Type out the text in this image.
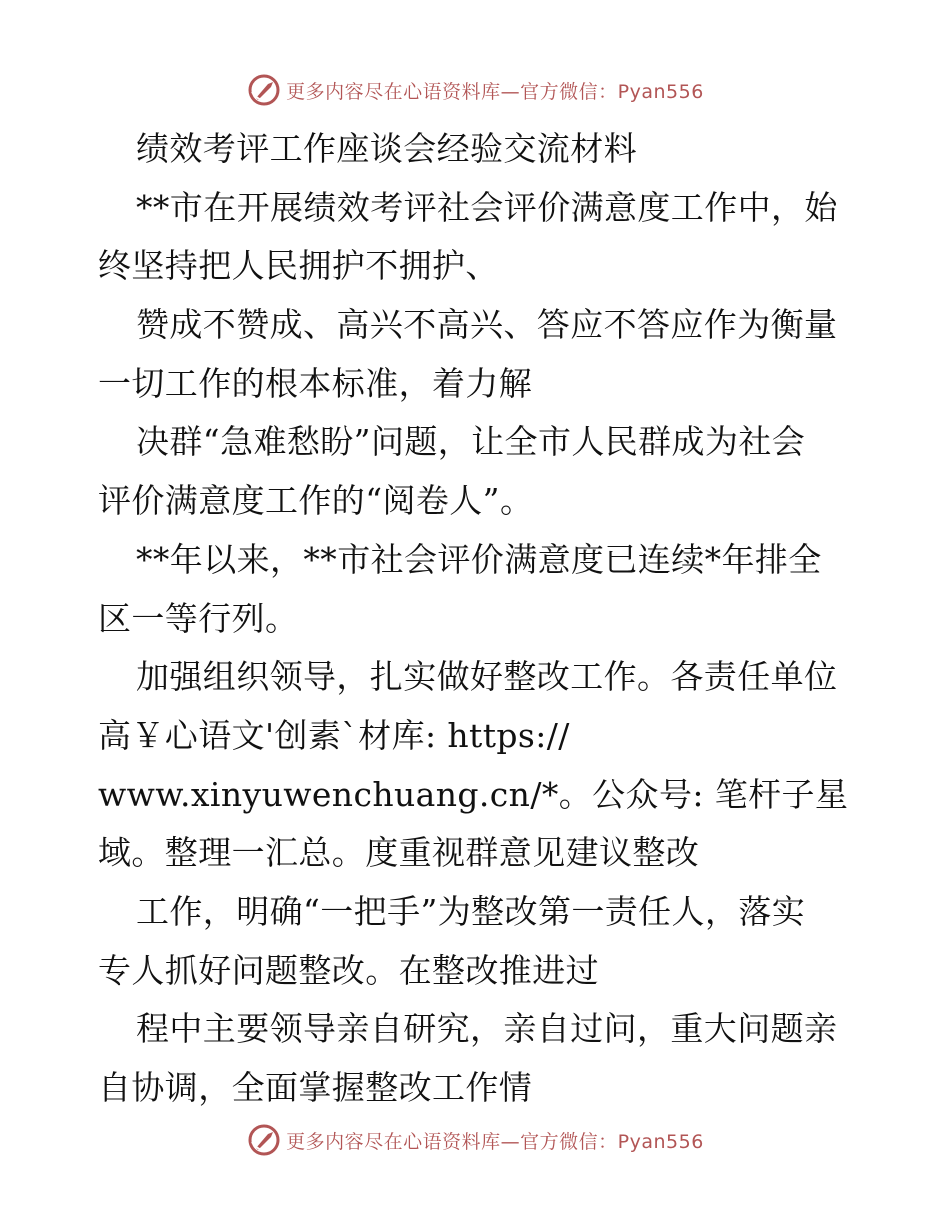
更多内容尽在心语资料库—官方微信：Pyan556
绩效考评工作座谈会经验交流材料
**市在开展绩效考评社会评价满意度工作中，始
终坚持把人民拥护不拥护、
赞成不赞成、高兴不高兴、答应不答应作为衡量
一切工作的根本标准，着力解
决群“急难愁盼”问题，让全市人民群成为社会
评价满意度工作的“阅卷人”。
**年以来，**市社会评价满意度已连续*年排全
区一等行列。
加强组织领导，扎实做好整改工作。各责任单位
高￥心语文'创素`材库: https://
www.xinyuwenchuang.cn/*。公众号: 笔杆子星
域。整理一汇总。度重视群意见建议整改
工作，明确“一把手”为整改第一责任人，落实
专人抓好问题整改。在整改推进过
程中主要领导亲自研究，亲自过问，重大问题亲
自协调，全面掌握整改工作情
更多内容尽在心语资料库—官方微信：Pyan556
